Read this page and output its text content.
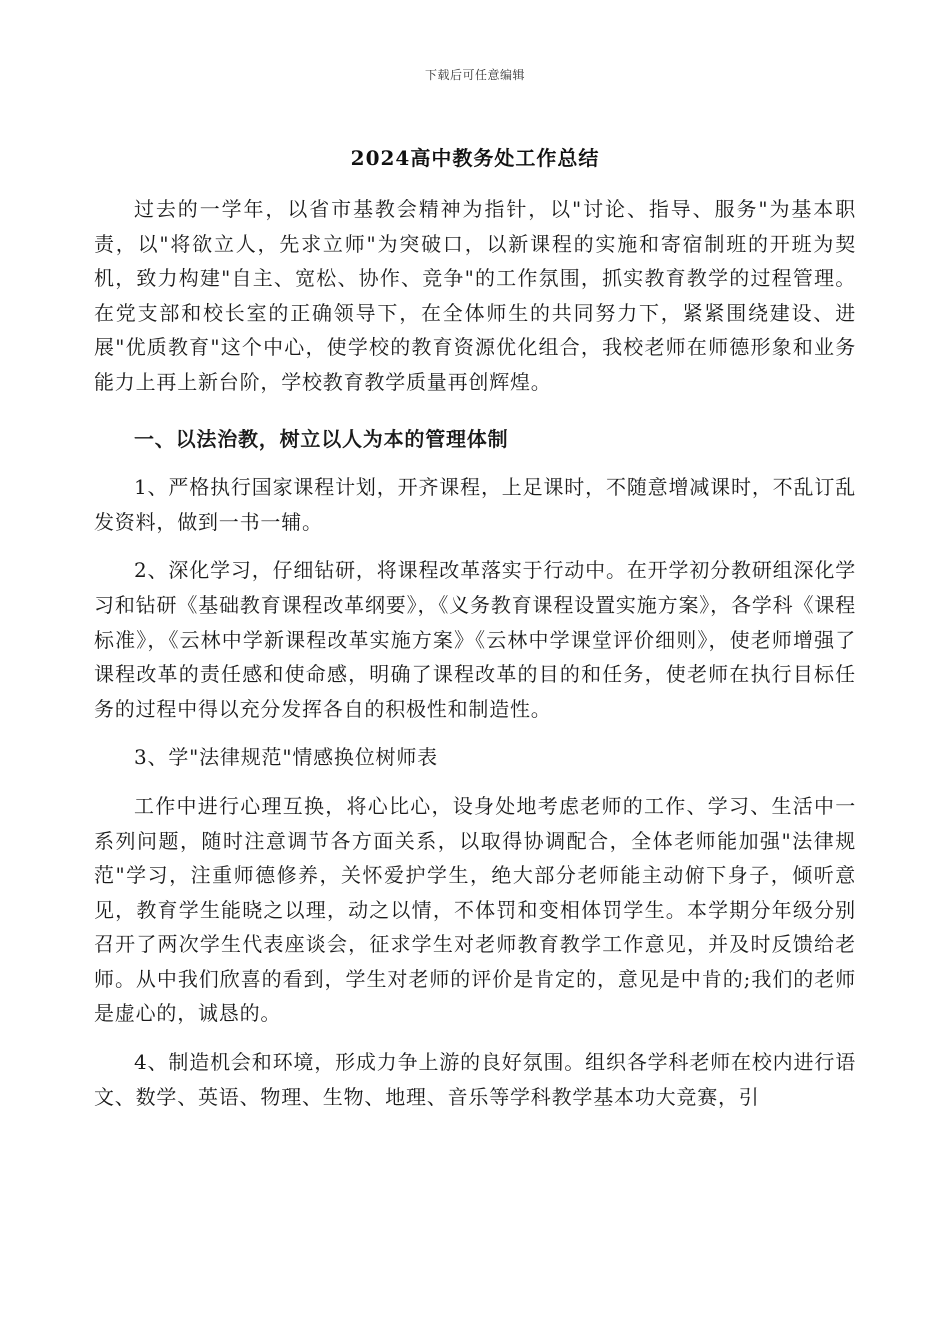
下载后可任意编辑
2024高中教务处工作总结

过去的一学年，以省市基教会精神为指针，以"讨论、指导、服务"为基本职责，以"将欲立人，先求立师"为突破口，以新课程的实施和寄宿制班的开班为契机，致力构建"自主、宽松、协作、竞争"的工作氛围，抓实教育教学的过程管理。在党支部和校长室的正确领导下，在全体师生的共同努力下，紧紧围绕建设、进展"优质教育"这个中心，使学校的教育资源优化组合，我校老师在师德形象和业务能力上再上新台阶，学校教育教学质量再创辉煌。

一、以法治教，树立以人为本的管理体制

1、严格执行国家课程计划，开齐课程，上足课时，不随意增减课时，不乱订乱发资料，做到一书一辅。

2、深化学习，仔细钻研，将课程改革落实于行动中。在开学初分教研组深化学习和钻研《基础教育课程改革纲要》，《义务教育课程设置实施方案》，各学科《课程标准》，《云林中学新课程改革实施方案》《云林中学课堂评价细则》，使老师增强了课程改革的责任感和使命感，明确了课程改革的目的和任务，使老师在执行目标任务的过程中得以充分发挥各自的积极性和制造性。

3、学"法律规范"情感换位树师表

工作中进行心理互换，将心比心，设身处地考虑老师的工作、学习、生活中一系列问题，随时注意调节各方面关系，以取得协调配合，全体老师能加强"法律规范"学习，注重师德修养，关怀爱护学生，绝大部分老师能主动俯下身子，倾听意见，教育学生能晓之以理，动之以情，不体罚和变相体罚学生。本学期分年级分别召开了两次学生代表座谈会，征求学生对老师教育教学工作意见，并及时反馈给老师。从中我们欣喜的看到，学生对老师的评价是肯定的，意见是中肯的;我们的老师是虚心的，诚恳的。

4、制造机会和环境，形成力争上游的良好氛围。组织各学科老师在校内进行语文、数学、英语、物理、生物、地理、音乐等学科教学基本功大竞赛，引
